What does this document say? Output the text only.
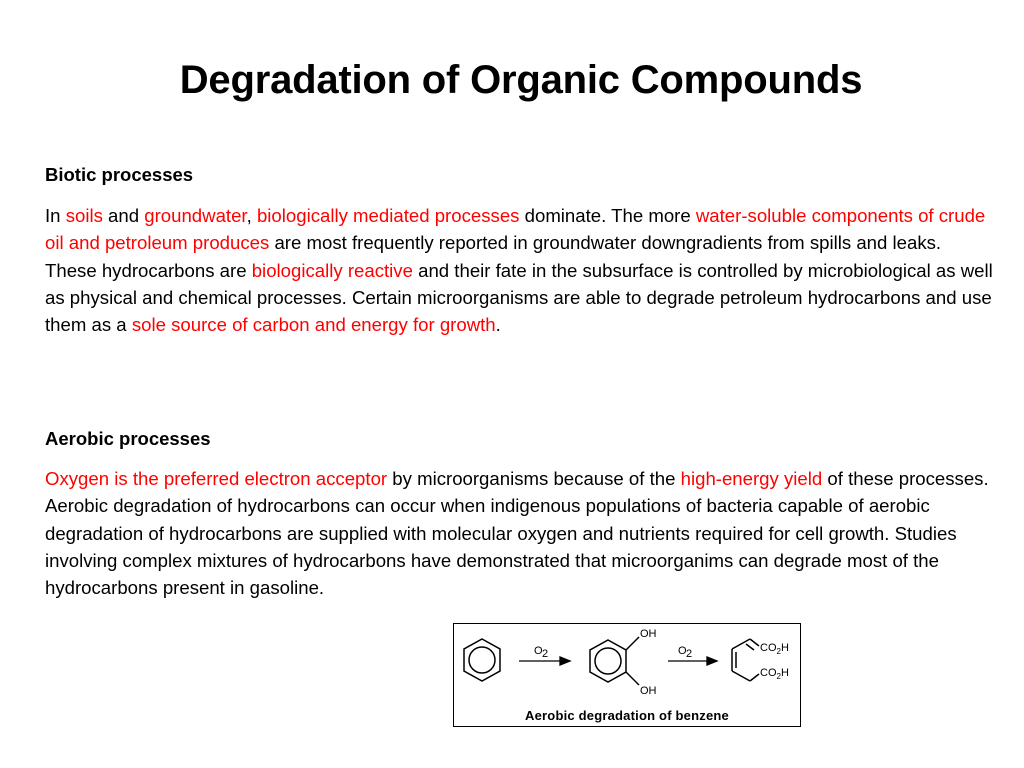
Degradation of Organic Compounds
Biotic processes
In soils and groundwater, biologically mediated processes dominate. The more water-soluble components of crude oil and petroleum produces are most frequently reported in groundwater downgradients from spills and leaks. These hydrocarbons are biologically reactive and their fate in the subsurface is controlled by microbiological as well as physical and chemical processes. Certain microorganisms are able to degrade petroleum hydrocarbons and use them as a sole source of carbon and energy for growth.
Aerobic processes
Oxygen is the preferred electron acceptor by microorganisms because of the high-energy yield of these processes. Aerobic degradation of hydrocarbons can occur when indigenous populations of bacteria capable of aerobic degradation of hydrocarbons are supplied with molecular oxygen and nutrients required for cell growth. Studies involving complex mixtures of hydrocarbons have demonstrated that microorganims can degrade most of the hydrocarbons present in gasoline.
O 2
OH
OH
O 2	$CO_2H$
$CO_2H$
Aerobic degradation of benzene
